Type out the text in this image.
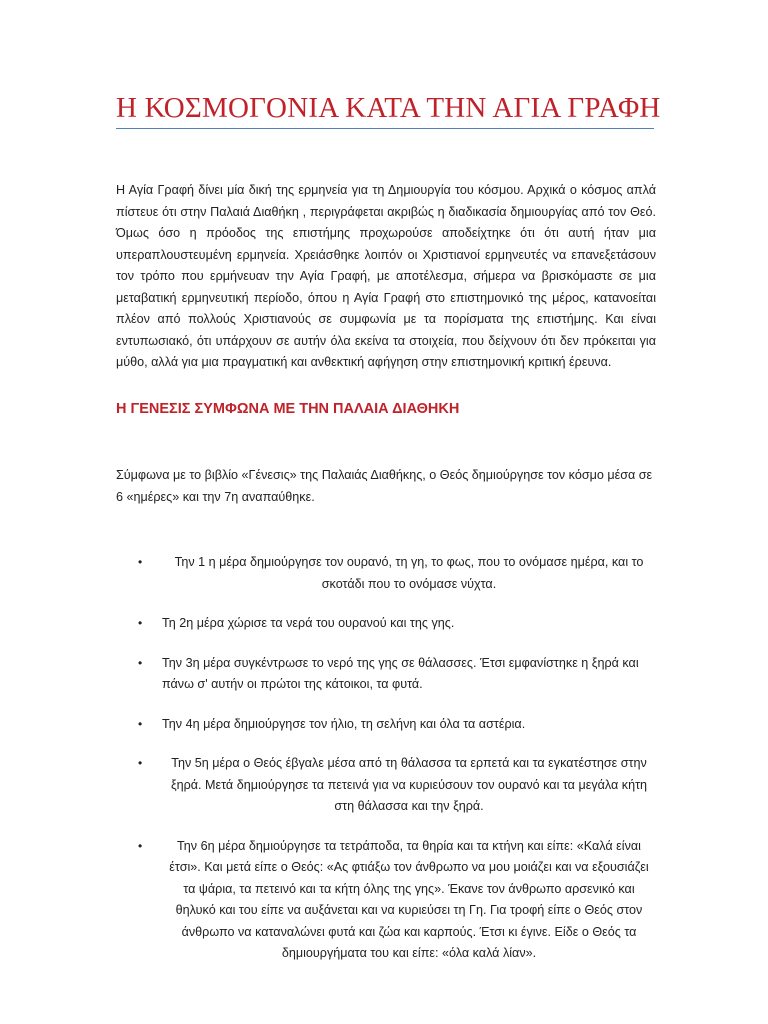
Η ΚΟΣΜΟΓΟΝΙΑ ΚΑΤΑ ΤΗΝ ΑΓΙΑ ΓΡΑΦΗ

Η Αγία Γραφή δίνει μία δική της ερμηνεία για τη Δημιουργία του κόσμου. Αρχικά ο κόσμος απλά πίστευε ότι στην Παλαιά Διαθήκη , περιγράφεται ακριβώς η διαδικασία δημιουργίας από τον Θεό. Όμως όσο η πρόοδος της επιστήμης προχωρούσε αποδείχτηκε ότι ότι αυτή ήταν μια υπεραπλουστευμένη ερμηνεία. Χρειάσθηκε λοιπόν οι Χριστιανοί ερμηνευτές να επανεξετάσουν τον τρόπο που ερμήνευαν την Αγία Γραφή, με αποτέλεσμα, σήμερα να βρισκόμαστε σε μια μεταβατική ερμηνευτική περίοδο, όπου η Αγία Γραφή στο επιστημονικό της μέρος, κατανοείται πλέον από πολλούς Χριστιανούς σε συμφωνία με τα πορίσματα της επιστήμης. Και είναι εντυπωσιακό, ότι υπάρχουν σε αυτήν όλα εκείνα τα στοιχεία, που δείχνουν ότι δεν πρόκειται για μύθο, αλλά για μια πραγματική και ανθεκτική αφήγηση στην επιστημονική κριτική έρευνα.

Η ΓΕΝΕΣΙΣ ΣΥΜΦΩΝΑ ΜΕ ΤΗΝ ΠΑΛΑΙΑ ΔΙΑΘΗΚΗ

Σύμφωνα με το βιβλίο «Γένεσις» της Παλαιάς Διαθήκης, ο Θεός δημιούργησε τον κόσμο μέσα σε 6 «ημέρες» και την 7η αναπαύθηκε.

•	Την 1 η μέρα δημιούργησε τον ουρανό, τη γη, το φως, που το ονόμασε ημέρα, και το σκοτάδι που το ονόμασε νύχτα.
• Τη 2η μέρα χώρισε τα νερά του ουρανού και της γης.
• Την 3η μέρα συγκέντρωσε το νερό της γης σε θάλασσες. Έτσι εμφανίστηκε η ξηρά και πάνω σ' αυτήν οι πρώτοι της κάτοικοι, τα φυτά.
• Την 4η μέρα δημιούργησε τον ήλιο, τη σελήνη και όλα τα αστέρια.
•	Την 5η μέρα ο Θεός έβγαλε μέσα από τη θάλασσα τα ερπετά και τα εγκατέστησε στην ξηρά. Μετά δημιούργησε τα πετεινά για να κυριεύσουν τον ουρανό και τα μεγάλα κήτη στη θάλασσα και την ξηρά.
•	Την 6η μέρα δημιούργησε τα τετράποδα, τα θηρία και τα κτήνη και είπε: «Καλά είναι έτσι». Και μετά είπε ο Θεός: «Ας φτιάξω τον άνθρωπο να μου μοιάζει και να εξουσιάζει τα ψάρια, τα πετεινό και τα κήτη όλης της γης». Έκανε τον άνθρωπο αρσενικό και θηλυκό και του είπε να αυξάνεται και να κυριεύσει τη Γη. Για τροφή είπε ο Θεός στον άνθρωπο να καταναλώνει φυτά και ζώα και καρπούς. Έτσι κι έγινε. Είδε ο Θεός τα δημιουργήματα του και είπε: «όλα καλά λίαν».
